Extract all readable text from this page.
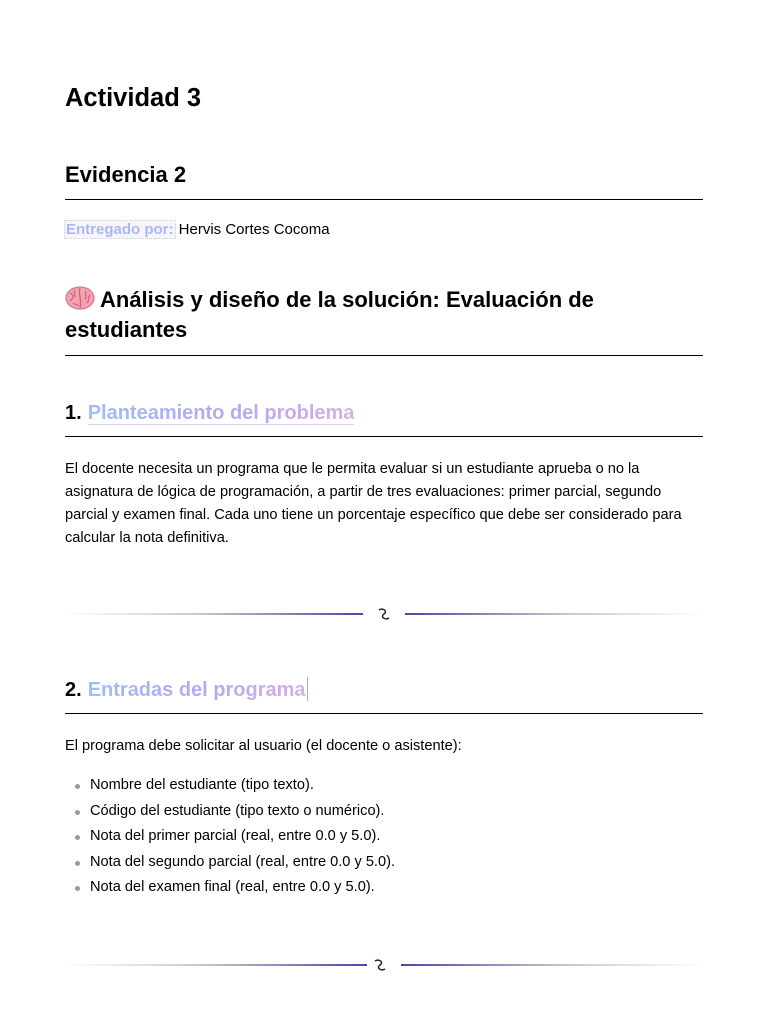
Actividad 3
Evidencia 2
Entregado por: Hervis Cortes Cocoma
Análisis y diseño de la solución: Evaluación de estudiantes
1. Planteamiento del problema

El docente necesita un programa que le permita evaluar si un estudiante aprueba o no la asignatura de lógica de programación, a partir de tres evaluaciones: primer parcial, segundo parcial y examen final. Cada uno tiene un porcentaje específico que debe ser considerado para calcular la nota definitiva.

2. Entradas del programa

El programa debe solicitar al usuario (el docente o asistente):

Nombre del estudiante (tipo texto).
Código del estudiante (tipo texto o numérico).
Nota del primer parcial (real, entre 0.0 y 5.0).
Nota del segundo parcial (real, entre 0.0 y 5.0).
Nota del examen final (real, entre 0.0 y 5.0).
